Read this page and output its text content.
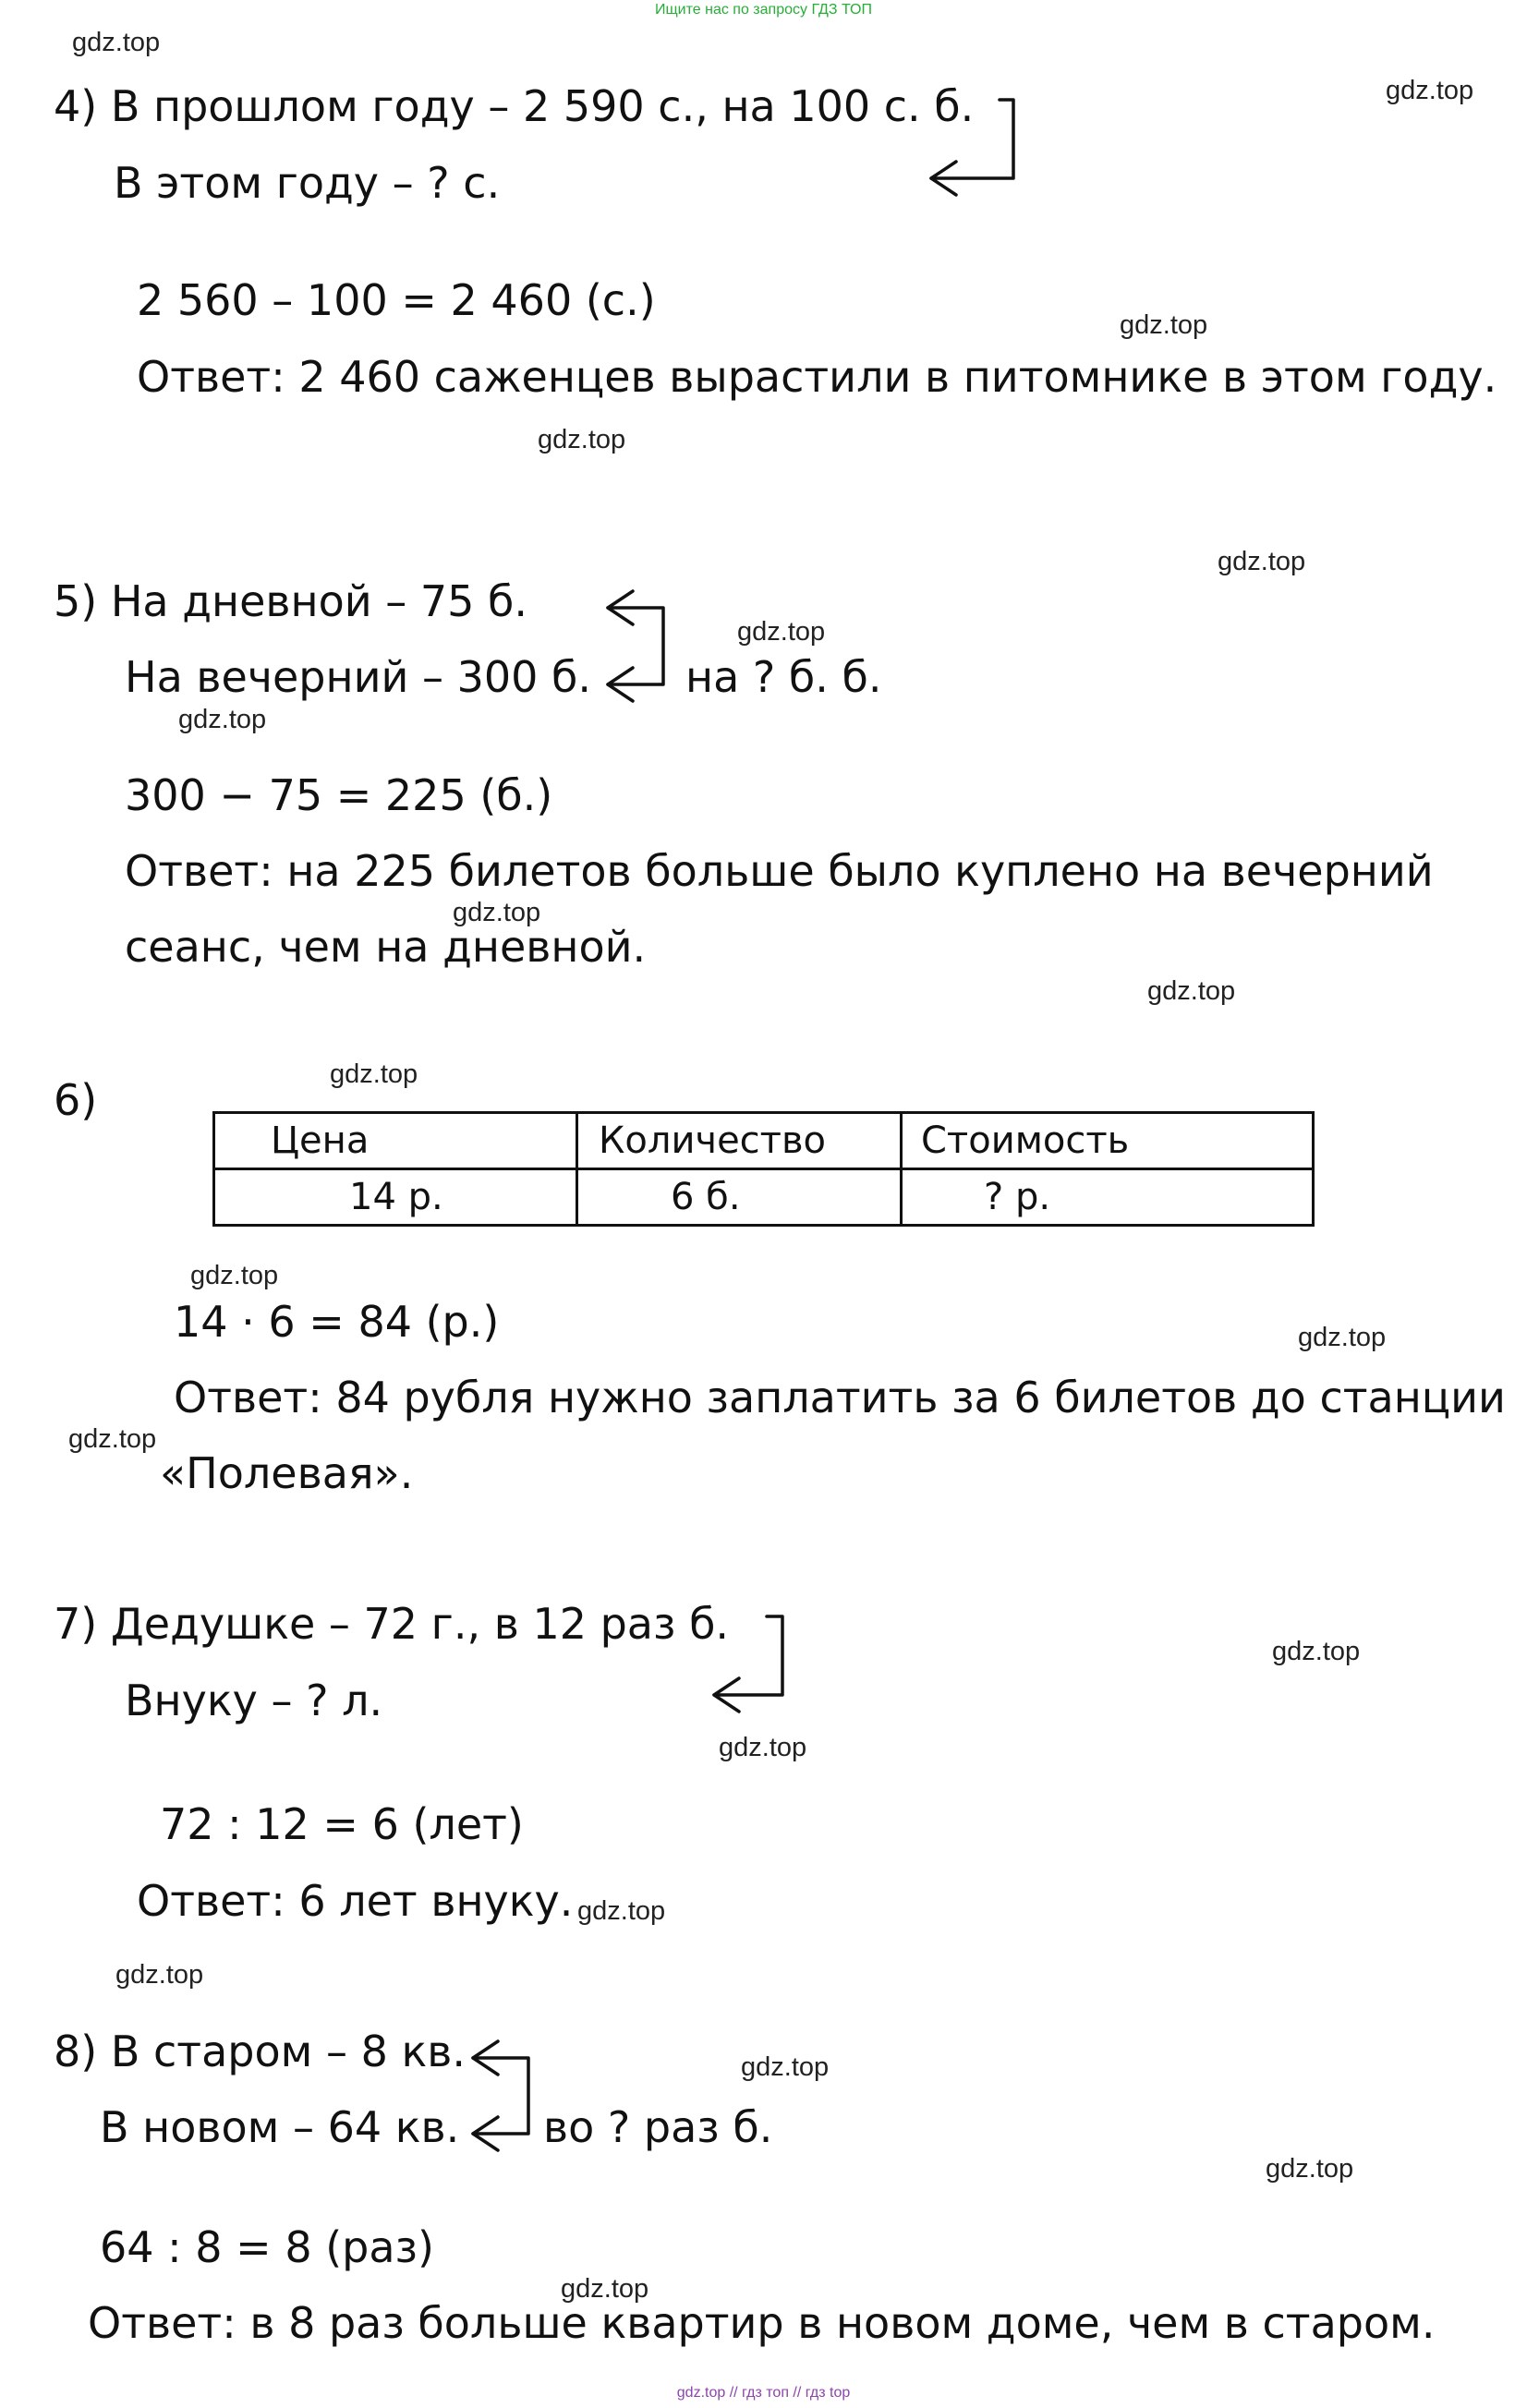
Ищите нас по запросу ГДЗ ТОП
4) В прошлом году – 2 590 с., на 100 с. б.
В этом году – ? с.
2 560 – 100 = 2 460 (с.)
Ответ: 2 460 саженцев вырастили в питомнике в этом году.
5) На дневной – 75 б.
На вечерний – 300 б. на ? б. б.
300 − 75 = 225 (б.)
Ответ: на 225 билетов больше было куплено на вечерний
сеанс, чем на дневной.
6)
Цена	Количество	Стоимость
14 р.	6 б.	? р.
14 · 6 = 84 (р.)
Ответ: 84 рубля нужно заплатить за 6 билетов до станции
«Полевая».
7) Дедушке – 72 г., в 12 раз б.
Внуку – ? л.
72 : 12 = 6 (лет)
Ответ: 6 лет внуку.
8) В старом – 8 кв.
В новом – 64 кв. во ? раз б.
64 : 8 = 8 (раз)
Ответ: в 8 раз больше квартир в новом доме, чем в старом.
gdz.top
gdz.top
gdz.top
gdz.top
gdz.top
gdz.top
gdz.top
gdz.top
gdz.top
gdz.top
gdz.top
gdz.top
gdz.top
gdz.top
gdz.top
gdz.top
gdz.top
gdz.top
gdz.top
gdz.top
gdz.top // гдз топ // гдз top
